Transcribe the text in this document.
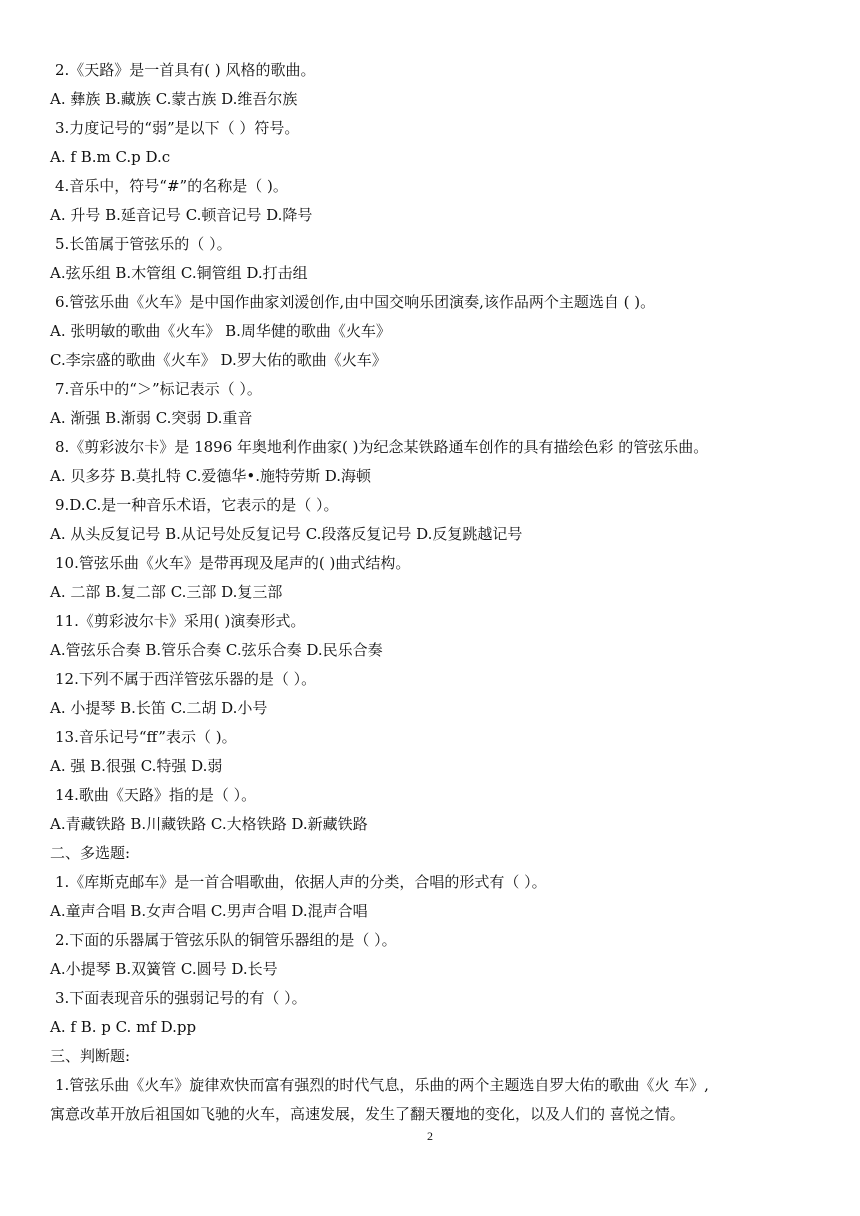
2.《天路》是一首具有( ) 风格的歌曲。
A. 彝族 B.藏族 C.蒙古族 D.维吾尔族
3.力度记号的“弱”是以下（ ）符号。
A. f B.m C.p D.c
4.音乐中，符号“#”的名称是（ )。
A. 升号 B.延音记号 C.顿音记号 D.降号
5.长笛属于管弦乐的（ ）。
A.弦乐组 B.木管组 C.铜管组 D.打击组
6.管弦乐曲《火车》是中国作曲家刘湲创作,由中国交响乐团演奏,该作品两个主题选自 ( )。
A. 张明敏的歌曲《火车》 B.周华健的歌曲《火车》
C.李宗盛的歌曲《火车》 D.罗大佑的歌曲《火车》
7.音乐中的“＞”标记表示（ ）。
A. 渐强 B.渐弱 C.突弱 D.重音
8.《剪彩波尔卡》是 1896 年奥地利作曲家( )为纪念某铁路通车创作的具有描绘色彩 的管弦乐曲。
A. 贝多芬 B.莫扎特 C.爱德华•.施特劳斯 D.海顿
9.D.C.是一种音乐术语，它表示的是（ ）。
A. 从头反复记号 B.从记号处反复记号 C.段落反复记号 D.反复跳越记号
10.管弦乐曲《火车》是带再现及尾声的( )曲式结构。
A. 二部 B.复二部 C.三部 D.复三部
11.《剪彩波尔卡》采用( )演奏形式。
A.管弦乐合奏 B.管乐合奏 C.弦乐合奏 D.民乐合奏
12.下列不属于西洋管弦乐器的是（ ）。
A. 小提琴 B.长笛 C.二胡 D.小号
13.音乐记号“ff”表示（ )。
A. 强 B.很强 C.特强 D.弱
14.歌曲《天路》指的是（ ）。
A.青藏铁路 B.川藏铁路 C.大格铁路 D.新藏铁路
二、多选题:
1.《库斯克邮车》是一首合唱歌曲，依据人声的分类，合唱的形式有（ ）。
A.童声合唱 B.女声合唱 C.男声合唱 D.混声合唱
2.下面的乐器属于管弦乐队的铜管乐器组的是（ ）。
A.小提琴 B.双簧管 C.圆号 D.长号
3.下面表现音乐的强弱记号的有（ ）。
A. f B. p C. mf D.pp
三、判断题:
1.管弦乐曲《火车》旋律欢快而富有强烈的时代气息，乐曲的两个主题选自罗大佑的歌曲《火 车》,
寓意改革开放后祖国如飞驰的火车，高速发展，发生了翻天覆地的变化，以及人们的 喜悦之情。
2
